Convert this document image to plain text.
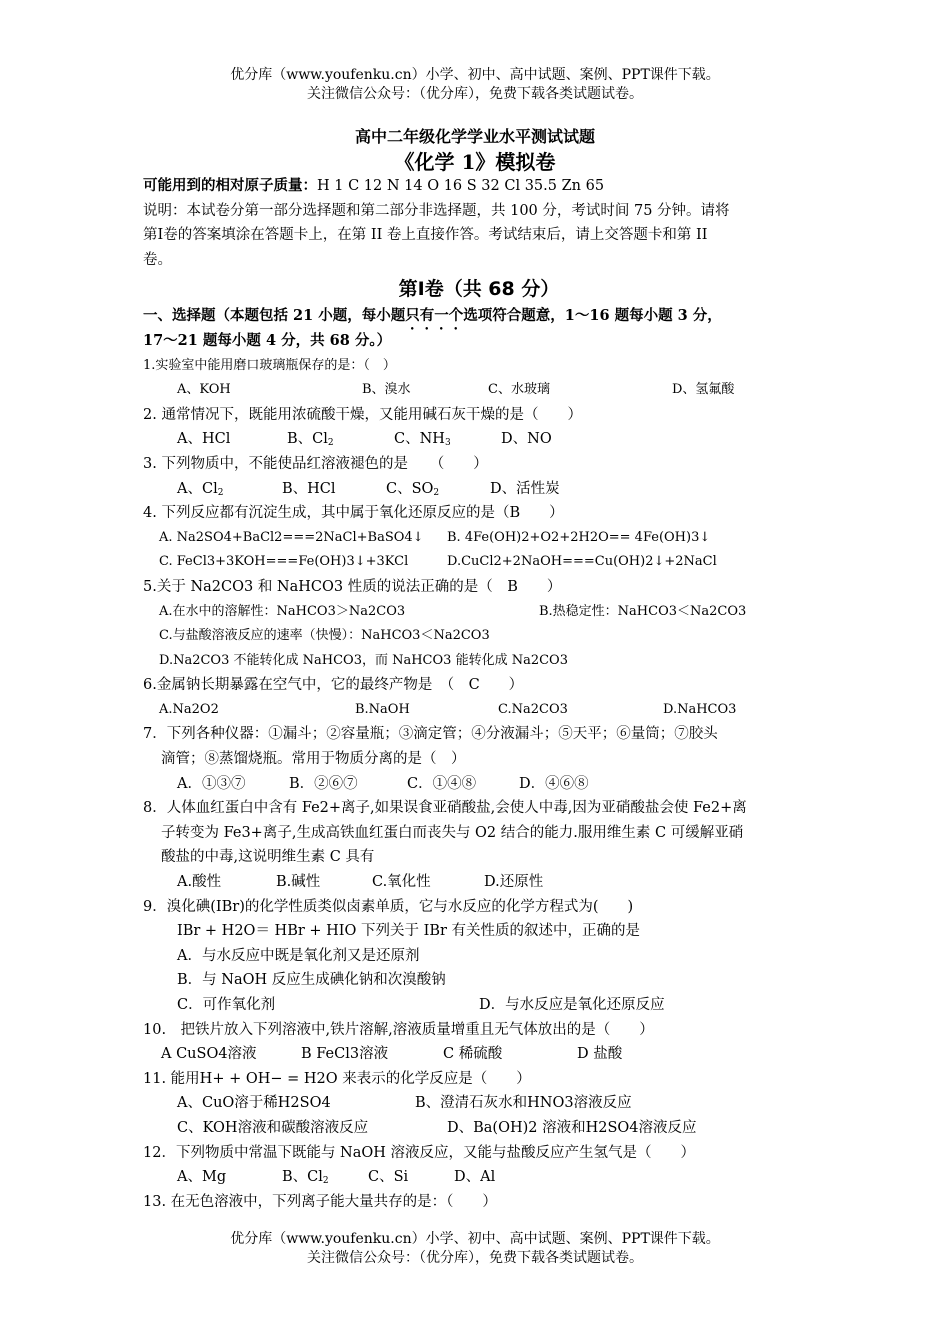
优分库（www.youfenku.cn）小学、初中、高中试题、案例、PPT课件下载。
关注微信公众号：（优分库），免费下载各类试题试卷。
高中二年级化学学业水平测试试题
《化学 1》模拟卷
可能用到的相对原子质量：H 1 C 12 N 14 O 16 S 32 Cl 35.5 Zn 65
说明：本试卷分第一部分选择题和第二部分非选择题，共 100 分，考试时间 75 分钟。请将
第Ⅰ卷的答案填涂在答题卡上，在第 II 卷上直接作答。考试结束后，请上交答题卡和第 II
卷。
第Ⅰ卷（共 68 分）
一、选择题（本题包括 21 小题，每小题只有一个选项符合题意，1～16 题每小题 3 分，
17～21 题每小题 4 分，共 68 分。）
1.实验室中能用磨口玻璃瓶保存的是：（　）
A、KOH	B、溴水	C、水玻璃	D、氢氟酸
2. 通常情况下，既能用浓硫酸干燥，又能用碱石灰干燥的是（　　）
A、HCl	B、$Cl_2$	C、$NH_3$	D、NO
3. 下列物质中，不能使品红溶液褪色的是　　（　　）
A、$Cl_2$	B、HCl	C、$SO_2$	D、活性炭
4. 下列反应都有沉淀生成，其中属于氧化还原反应的是（B　　）
A. Na2SO4+BaCl2===2NaCl+BaSO4↓ B. 4Fe(OH)2+O2+2H2O== 4Fe(OH)3↓
C. FeCl3+3KOH===Fe(OH)3↓+3KCl	D.CuCl2+2NaOH===Cu(OH)2↓+2NaCl
5.关于 Na2CO3 和 NaHCO3 性质的说法正确的是（　B　　）
A.在水中的溶解性：NaHCO3＞Na2CO3	B.热稳定性：NaHCO3＜Na2CO3
C.与盐酸溶液反应的速率（快慢）：NaHCO3＜Na2CO3
D.Na2CO3 不能转化成 NaHCO3，而 NaHCO3 能转化成 Na2CO3
6.金属钠长期暴露在空气中，它的最终产物是　（　C　　）
A.Na2O2	B.NaOH	C.Na2CO3	D.NaHCO3
7．下列各种仪器：①漏斗；②容量瓶；③滴定管；④分液漏斗；⑤天平；⑥量筒；⑦胶头
滴管；⑧蒸馏烧瓶。常用于物质分离的是（　）
A．①③⑦	B．②⑥⑦	C．①④⑧	D．④⑥⑧
8．人体血红蛋白中含有 Fe2+离子,如果误食亚硝酸盐,会使人中毒,因为亚硝酸盐会使 Fe2+离
子转变为 Fe3+离子,生成高铁血红蛋白而丧失与 O2 结合的能力.服用维生素 C 可缓解亚硝
酸盐的中毒,这说明维生素 C 具有
A.酸性	B.碱性	C.氧化性	D.还原性
9．溴化碘(IBr)的化学性质类似卤素单质，它与水反应的化学方程式为(　　)
IBr + H2O＝ HBr + HIO 下列关于 IBr 有关性质的叙述中，正确的是
A．与水反应中既是氧化剂又是还原剂
B．与 NaOH 反应生成碘化钠和次溴酸钠
C．可作氧化剂	D．与水反应是氧化还原反应
10.　把铁片放入下列溶液中,铁片溶解,溶液质量增重且无气体放出的是（　　）
A CuSO4溶液	B FeCl3溶液	C 稀硫酸	D 盐酸
11. 能用H+ + OH− = H2O 来表示的化学反应是（　　）
A、CuO溶于稀H2SO4	B、澄清石灰水和HNO3溶液反应
C、KOH溶液和碳酸溶液反应	D、Ba(OH)2 溶液和H2SO4溶液反应
12．下列物质中常温下既能与 NaOH 溶液反应，又能与盐酸反应产生氢气是（　　）
A、Mg	B、$Cl_2$	C、Si	D、Al
13. 在无色溶液中，下列离子能大量共存的是：（　　）
优分库（www.youfenku.cn）小学、初中、高中试题、案例、PPT课件下载。
关注微信公众号：（优分库），免费下载各类试题试卷。
